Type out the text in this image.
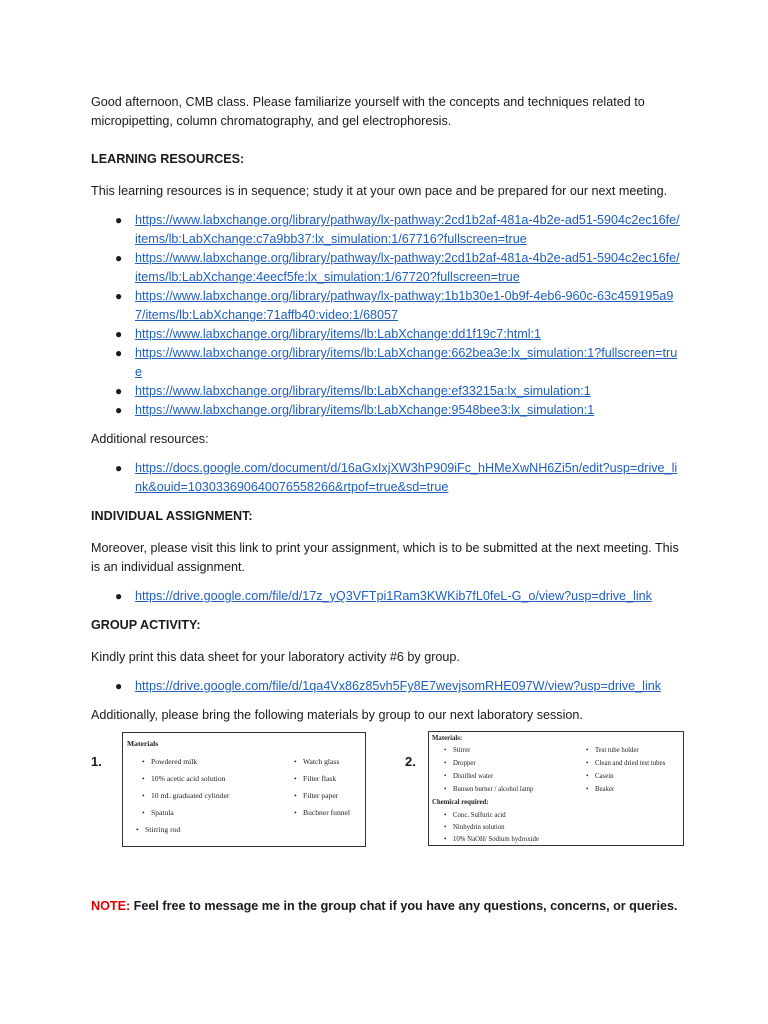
Good afternoon, CMB class. Please familiarize yourself with the concepts and techniques related to micropipetting, column chromatography, and gel electrophoresis.

LEARNING RESOURCES:

This learning resources is in sequence; study it at your own pace and be prepared for our next meeting.

● https://www.labxchange.org/library/pathway/lx-pathway:2cd1b2af-481a-4b2e-ad51-5904c2ec16fe/items/lb:LabXchange:c7a9bb37:lx_simulation:1/67716?fullscreen=true
● https://www.labxchange.org/library/pathway/lx-pathway:2cd1b2af-481a-4b2e-ad51-5904c2ec16fe/items/lb:LabXchange:4eecf5fe:lx_simulation:1/67720?fullscreen=true
● https://www.labxchange.org/library/pathway/lx-pathway:1b1b30e1-0b9f-4eb6-960c-63c459195a97/items/lb:LabXchange:71affb40:video:1/68057
● https://www.labxchange.org/library/items/lb:LabXchange:dd1f19c7:html:1
● https://www.labxchange.org/library/items/lb:LabXchange:662bea3e:lx_simulation:1?fullscreen=true
● https://www.labxchange.org/library/items/lb:LabXchange:ef33215a:lx_simulation:1
● https://www.labxchange.org/library/items/lb:LabXchange:9548bee3:lx_simulation:1

Additional resources:

● https://docs.google.com/document/d/16aGxIxjXW3hP909iFc_hHMeXwNH6Zi5n/edit?usp=drive_link&ouid=103033690640076558266&rtpof=true&sd=true

INDIVIDUAL ASSIGNMENT:

Moreover, please visit this link to print your assignment, which is to be submitted at the next meeting. This is an individual assignment.

● https://drive.google.com/file/d/17z_yQ3VFTpi1Ram3KWKib7fL0feL-G_o/view?usp=drive_link

GROUP ACTIVITY:

Kindly print this data sheet for your laboratory activity #6 by group.

● https://drive.google.com/file/d/1qa4Vx86z85vh5Fy8E7wevjsomRHE097W/view?usp=drive_link

Additionally, please bring the following materials by group to our next laboratory session.

1.
Materials
• Powdered milk
• 10% acetic acid solution
• 10 mL graduated cylinder
• Spatula
• Stirring rod
• Watch glass
• Filter flask
• Filter paper
• Buchner funnel
2.
Materials:
• Stirrer
• Dropper
• Distilled water
• Bunsen burner / alcohol lamp
• Test tube holder
• Clean and dried test tubes
• Casein
• Beaker
Chemical required:
• Conc. Sulfuric acid
• Ninhydrin solution
• 10% NaOH/ Sodium hydroxide

NOTE: Feel free to message me in the group chat if you have any questions, concerns, or queries.
